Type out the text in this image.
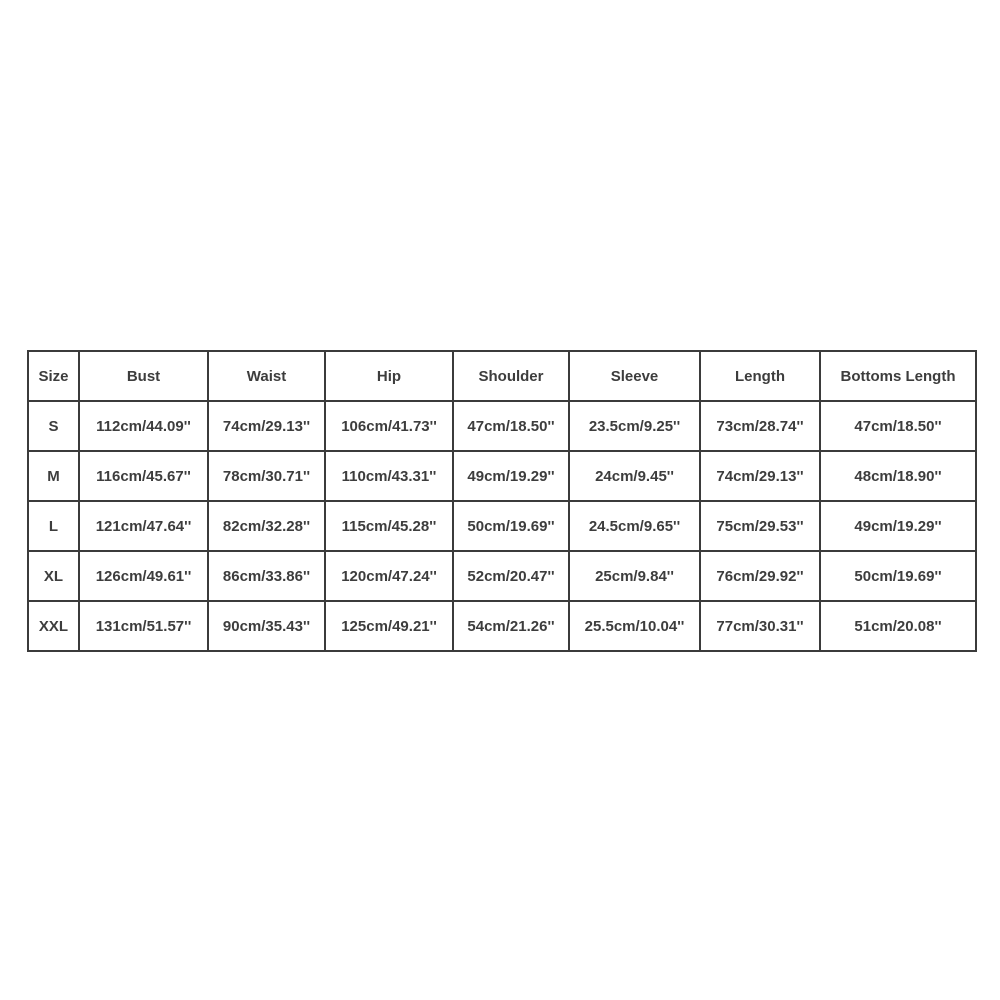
Size	Bust	Waist	Hip	Shoulder	Sleeve	Length	Bottoms Length
S	112cm/44.09''	74cm/29.13''	106cm/41.73''	47cm/18.50''	23.5cm/9.25''	73cm/28.74''	47cm/18.50''
M	116cm/45.67''	78cm/30.71''	110cm/43.31''	49cm/19.29''	24cm/9.45''	74cm/29.13''	48cm/18.90''
L	121cm/47.64''	82cm/32.28''	115cm/45.28''	50cm/19.69''	24.5cm/9.65''	75cm/29.53''	49cm/19.29''
XL	126cm/49.61''	86cm/33.86''	120cm/47.24''	52cm/20.47''	25cm/9.84''	76cm/29.92''	50cm/19.69''
XXL	131cm/51.57''	90cm/35.43''	125cm/49.21''	54cm/21.26''	25.5cm/10.04''	77cm/30.31''	51cm/20.08''
